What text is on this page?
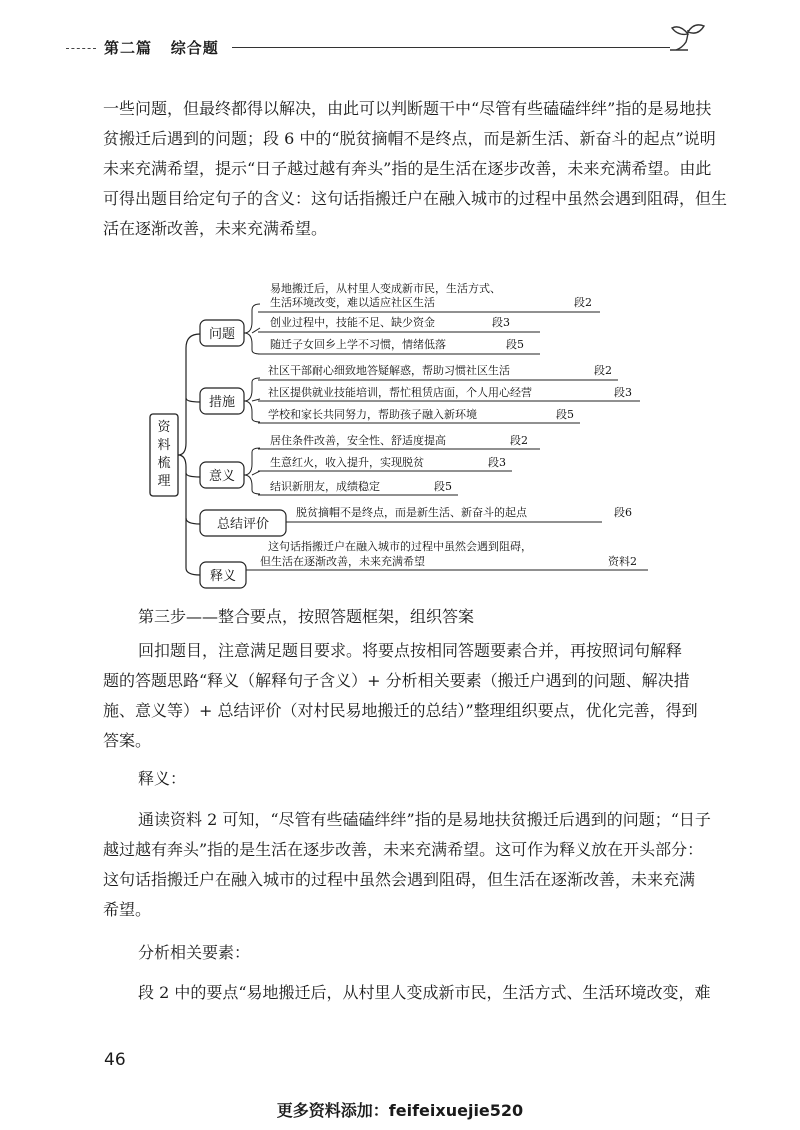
第二篇 综合题
一些问题，但最终都得以解决，由此可以判断题干中“尽管有些磕磕绊绊”指的是易地扶
贫搬迁后遇到的问题；段 6 中的“脱贫摘帽不是终点，而是新生活、新奋斗的起点”说明
未来充满希望，提示“日子越过越有奔头”指的是生活在逐步改善，未来充满希望。由此
可得出题目给定句子的含义：这句话指搬迁户在融入城市的过程中虽然会遇到阻碍，但生
活在逐渐改善，未来充满希望。
资
料
梳
理
问题
易地搬迁后，从村里人变成新市民，生活方式、
生活环境改变，难以适应社区生活	段2
创业过程中，技能不足、缺少资金	段3
随迁子女回乡上学不习惯，情绪低落	段5
措施
社区干部耐心细致地答疑解惑，帮助习惯社区生活	段2
社区提供就业技能培训，帮忙租赁店面，个人用心经营	段3
学校和家长共同努力，帮助孩子融入新环境	段5
意义
居住条件改善，安全性、舒适度提高	段2
生意红火，收入提升，实现脱贫	段3
结识新朋友，成绩稳定	段5
总结评价
脱贫摘帽不是终点，而是新生活、新奋斗的起点	段6
释义
这句话指搬迁户在融入城市的过程中虽然会遇到阻碍，
但生活在逐渐改善，未来充满希望	资料2
第三步——整合要点，按照答题框架，组织答案
回扣题目，注意满足题目要求。将要点按相同答题要素合并，再按照词句解释
题的答题思路“释义（解释句子含义）+ 分析相关要素（搬迁户遇到的问题、解决措
施、意义等）+ 总结评价（对村民易地搬迁的总结）”整理组织要点，优化完善，得到
答案。
释义：
通读资料 2 可知，“尽管有些磕磕绊绊”指的是易地扶贫搬迁后遇到的问题；“日子
越过越有奔头”指的是生活在逐步改善，未来充满希望。这可作为释义放在开头部分：
这句话指搬迁户在融入城市的过程中虽然会遇到阻碍，但生活在逐渐改善，未来充满
希望。
分析相关要素：
段 2 中的要点“易地搬迁后，从村里人变成新市民，生活方式、生活环境改变，难
46
更多资料添加：feifeixuejie520
